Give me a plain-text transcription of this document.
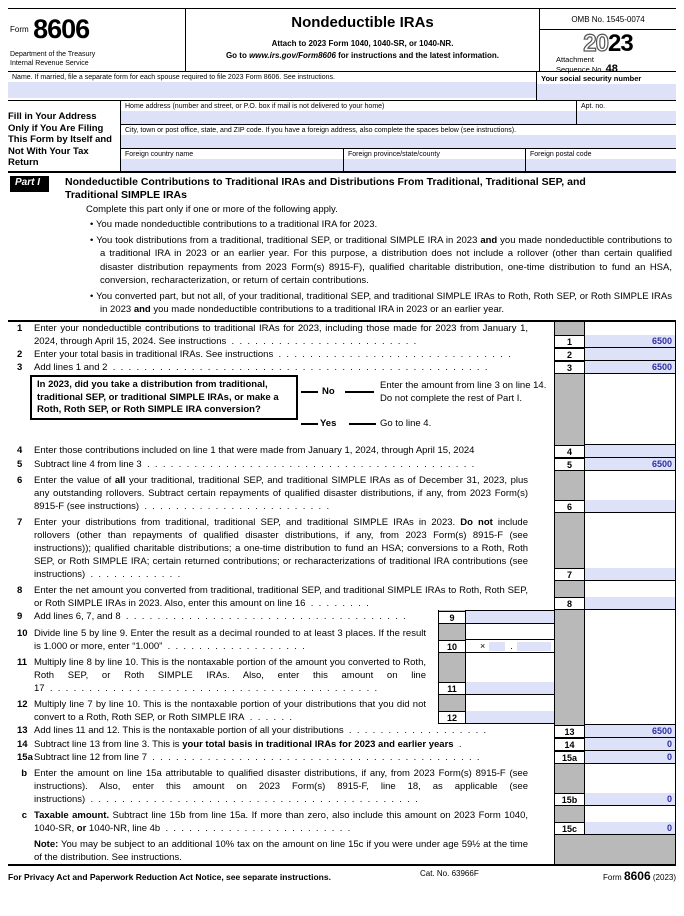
$^{Form}$ 8606
Department of the Treasury
Internal Revenue Service
Nondeductible IRAs
Attach to 2023 Form 1040, 1040-SR, or 1040-NR.
Go to www.irs.gov/Form8606 for instructions and the latest information.
OMB No. 1545-0074
2023
Attachment
Sequence No. 48
Name. If married, file a separate form for each spouse required to file 2023 Form 8606. See instructions.	Your social security number
Fill in Your Address Only if You Are Filing This Form by Itself and Not With Your Tax Return
Home address (number and street, or P.O. box if mail is not delivered to your home)	Apt. no.
City, town or post office, state, and ZIP code. If you have a foreign address, also complete the spaces below (see instructions).
Foreign country name	Foreign province/state/county	Foreign postal code
Part I	Nondeductible Contributions to Traditional IRAs and Distributions From Traditional, Traditional SEP, and Traditional SIMPLE IRAs
Complete this part only if one or more of the following apply.
• You made nondeductible contributions to a traditional IRA for 2023.
• You took distributions from a traditional, traditional SEP, or traditional SIMPLE IRA in 2023 and you made nondeductible contributions to a traditional IRA in 2023 or an earlier year. For this purpose, a distribution does not include a rollover (other than certain qualified disaster distribution repayments from 2023 Form(s) 8915-F), qualified charitable distribution, one-time distribution to fund an HSA, conversion, recharacterization, or return of certain contributions.
• You converted part, but not all, of your traditional, traditional SEP, and traditional SIMPLE IRAs to Roth, Roth SEP, or Roth SIMPLE IRAs in 2023 and you made nondeductible contributions to a traditional IRA in 2023 or an earlier year.
1	Enter your nondeductible contributions to traditional IRAs for 2023, including those made for 2023 from January 1, 2024, through April 15, 2024. See instructions  .  .  .  .  .  .  .  .  .  .  .  .  .  .  .  .  .  .  .  .  .  .  .  .	1	6500
2	Enter your total basis in traditional IRAs. See instructions  .  .  .  .  .  .  .  .  .  .  .  .  .  .  .  .  .  .  .  .  .  .  .  .  .  .  .  .  .  .	2
3	Add lines 1 and 2  .  .  .  .  .  .  .  .  .  .  .  .  .  .  .  .  .  .  .  .  .  .  .  .  .  .  .  .  .  .  .  .  .  .  .  .  .  .  .  .  .  .  .  .  .  .  .  .	3	6500
In 2023, did you take a distribution from traditional, traditional SEP, or traditional SIMPLE IRAs, or make a Roth, Roth SEP, or Roth SIMPLE IRA conversion?
No
Enter the amount from line 3 on line 14. Do not complete the rest of Part I.
Yes	Go to line 4.
4	Enter those contributions included on line 1 that were made from January 1, 2024, through April 15, 2024	4
5	Subtract line 4 from line 3  .  .  .  .  .  .  .  .  .  .  .  .  .  .  .  .  .  .  .  .  .  .  .  .  .  .  .  .  .  .  .  .  .  .  .  .  .  .  .  .  .  .	5	6500
6	Enter the value of all your traditional, traditional SEP, and traditional SIMPLE IRAs as of December 31, 2023, plus any outstanding rollovers. Subtract certain repayments of qualified disaster distributions, if any, from 2023 Form(s) 8915-F (see instructions)  .  .  .  .  .  .  .  .  .  .  .  .  .  .  .  .  .  .  .  .  .  .  .  .	6
7	Enter your distributions from traditional, traditional SEP, and traditional SIMPLE IRAs in 2023. Do not include rollovers (other than repayments of qualified disaster distributions, if any, from 2023 Form(s) 8915-F (see instructions)); qualified charitable distributions; a one-time distribution to fund an HSA; conversions to a Roth, Roth SEP, or Roth SIMPLE IRA; certain returned contributions; or recharacterizations of traditional IRA contributions (see instructions)  .  .  .  .  .  .  .  .  .  .  .  .	7
8	Enter the net amount you converted from traditional, traditional SEP, and traditional SIMPLE IRAs to Roth, Roth SEP, or Roth SIMPLE IRAs in 2023. Also, enter this amount on line 16  .  .  .  .  .  .  .  .	8
9	Add lines 6, 7, and 8  .  .  .  .  .  .  .  .  .  .  .  .  .  .  .  .  .  .  .  .  .  .  .  .  .  .  .  .  .  .  .  .  .  .  .  .	9
10 Divide line 5 by line 9. Enter the result as a decimal rounded to at least 3 places. If the result is 1.000 or more, enter “1.000”  .  .  .  .  .  .  .  .  .  .  .  .  .  .  .  .  .  .	10	×	.
11 Multiply line 8 by line 10. This is the nontaxable portion of the amount you converted to Roth, Roth SEP, or Roth SIMPLE IRAs. Also, enter this amount on line 17  .  .  .  .  .  .  .  .  .  .  .  .  .  .  .  .  .  .  .  .  .  .  .  .  .  .  .  .  .  .  .  .  .  .  .  .  .  .  .  .  .  .	11
12 Multiply line 7 by line 10. This is the nontaxable portion of your distributions that you did not convert to a Roth, Roth SEP, or Roth SIMPLE IRA  .  .  .  .  .  .	12
13 Add lines 11 and 12. This is the nontaxable portion of all your distributions  .  .  .  .  .  .  .  .  .  .  .  .  .  .  .  .  .  .	13	6500
14 Subtract line 13 from line 3. This is your total basis in traditional IRAs for 2023 and earlier years  .	14	0
15a Subtract line 12 from line 7  .  .  .  .  .  .  .  .  .  .  .  .  .  .  .  .  .  .  .  .  .  .  .  .  .  .  .  .  .  .  .  .  .  .  .  .  .  .  .  .  .  .	15a	0
b Enter the amount on line 15a attributable to qualified disaster distributions, if any, from 2023 Form(s) 8915-F (see instructions). Also, enter this amount on 2023 Form(s) 8915-F, line 18, as applicable (see instructions)  .  .  .  .  .  .  .  .  .  .  .  .  .  .  .  .  .  .  .  .  .  .  .  .  .  .  .  .  .  .  .  .  .  .  .  .  .  .  .  .  .  .	15b	0
c Taxable amount. Subtract line 15b from line 15a. If more than zero, also include this amount on 2023 Form 1040, 1040-SR, or 1040-NR, line 4b  .  .  .  .  .  .  .  .  .  .  .  .  .  .  .  .  .  .  .  .  .  .  .  .	15c	0
Note: You may be subject to an additional 10% tax on the amount on line 15c if you were under age 59½ at the time of the distribution. See instructions.
For Privacy Act and Paperwork Reduction Act Notice, see separate instructions.	Cat. No. 63966F	Form 8606 (2023)
